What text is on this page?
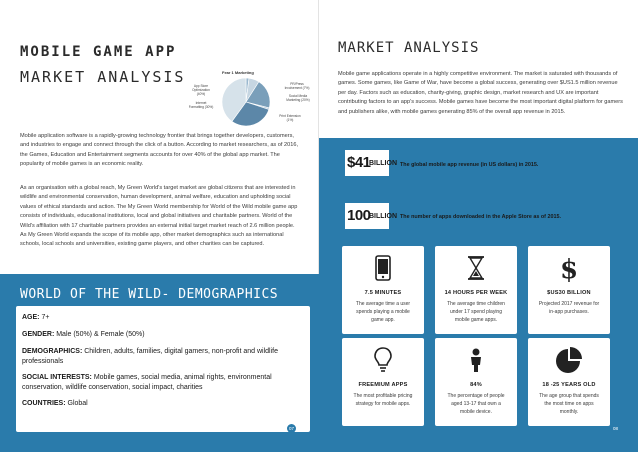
MOBILE GAME APP
MARKET ANALYSIS	Fear 1 Marketing
App Store Optimization (40%)
PR/Press Involvement (7%)
Social Media Marketing (20%)
Print Extension (1%)
Internet Formatting (30%)

Mobile application software is a rapidly-growing technology frontier that brings together developers, customers, and industries to engage and connect through the click of a button. According to market researchers, as of 2016, the Games, Education and Entertainment segments accounts for over 40% of the global app market. The popularity of mobile games is an economic reality.

As an organisation with a global reach, My Green World's target market are global citizens that are interested in wildlife and environmental conservation, human development, animal welfare, education and upholding social values of ethical standards and action. The My Green World membership for World of the Wild mobile game app consists of individuals, educational institutions, local and global initiatives and charitable partners. World of the Wild's affiliation with 17 charitable partners provides an external initial target market reach of 2.6 million people. As My Green World expands the scope of its mobile app, other market demographics such as international schools, local schools and universities, existing game players, and other charities can be captured.

WORLD OF THE WILD- DEMOGRAPHICS
AGE: 7+
GENDER: Male (50%) & Female (50%)
DEMOGRAPHICS: Children, adults, families, digital gamers, non-profit and wildlife professionals
SOCIAL INTERESTS: Mobile games, social media, animal rights, environmental conservation, wildlife conservation, social impact, charities
COUNTRIES: Global
07
MARKET ANALYSIS

Mobile game applications operate in a highly competitive environment. The market is saturated with thousands of games. Some games, like Game of War, have become a global success, generating over $US1.5 million revenue per day. Factors such as education, charity-giving, graphic design, market research and UX are important contributing factors to an app's success. Mobile games have become the most important digital platform for gamers and publishers alike, with mobile games generating 85% of the overall app revenue in 2015.

$41
BILLION The global mobile app revenue (in US dollars) in 2015.
100
BILLION The number of apps downloaded in the Apple Store as of 2015.
7.5 MINUTES
The average time a user spends playing a mobile game app.
14 HOURS PER WEEK
The average time children under 17 spend playing mobile game apps.
$
$US30 BILLION
Projected 2017 revenue for in-app purchases.
FREEMIUM APPS
The most profitable pricing strategy for mobile apps.
84%
The percentage of people aged 13-17 that own a mobile device.
18 -25 YEARS OLD
The age group that spends the most time on apps monthly.
08
